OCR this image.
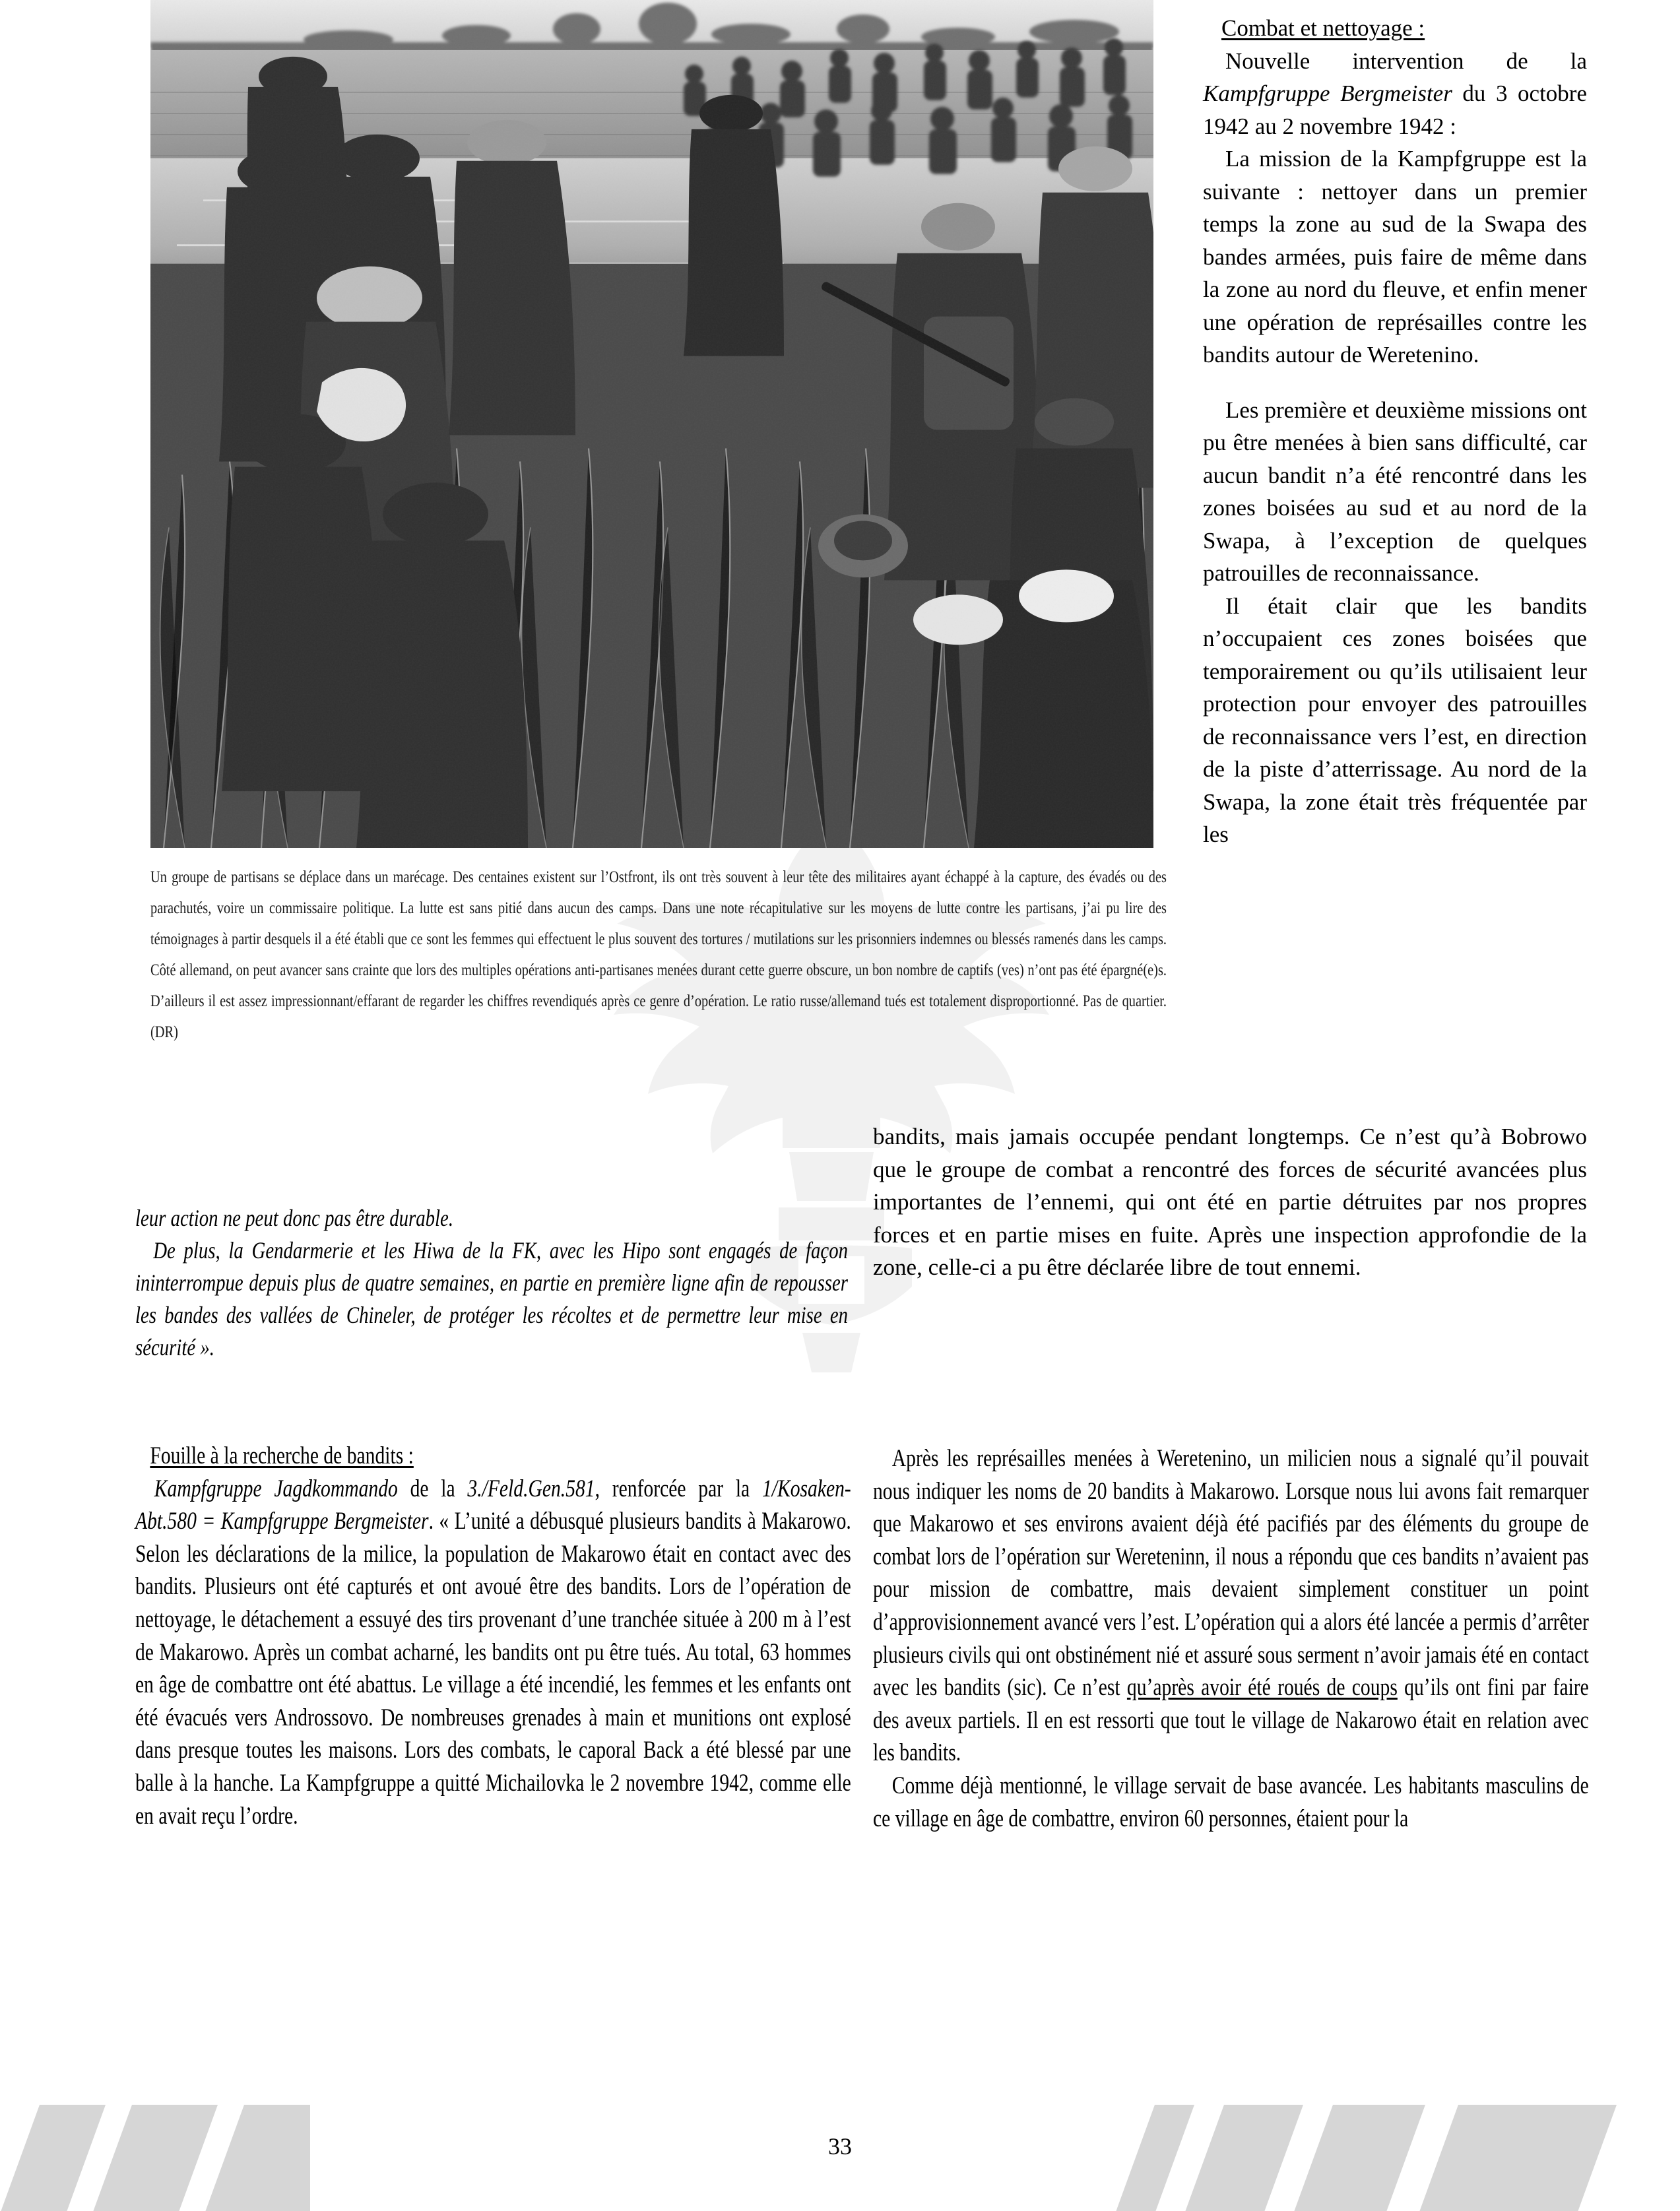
Un groupe de partisans se déplace dans un marécage. Des centaines existent sur l’Ostfront, ils ont très souvent à leur tête des militaires ayant échappé à la capture, des évadés ou des parachutés, voire un commissaire politique. La lutte est sans pitié dans aucun des camps. Dans une note récapitulative sur les moyens de lutte contre les partisans, j’ai pu lire des témoignages à partir desquels il a été établi que ce sont les femmes qui effectuent le plus souvent des tortures / mutilations sur les prisonniers indemnes ou blessés ramenés dans les camps. Côté allemand, on peut avancer sans crainte que lors des multiples opérations anti-partisanes menées durant cette guerre obscure, un bon nombre de captifs (ves) n’ont pas été épargné(e)s. D’ailleurs il est assez impressionnant/effarant de regarder les chiffres revendiqués après ce genre d’opération. Le ratio russe/allemand tués est totalement disproportionné. Pas de quartier. (DR)

Combat et nettoyage :

Nouvelle intervention de la Kampfgruppe Bergmeister du 3 octobre 1942 au 2 novembre 1942 :

La mission de la Kampfgruppe est la suivante : nettoyer dans un premier temps la zone au sud de la Swapa des bandes armées, puis faire de même dans la zone au nord du fleuve, et enfin mener une opération de représailles contre les bandits autour de Weretenino.

Les première et deuxième missions ont pu être menées à bien sans difficulté, car aucun bandit n’a été rencontré dans les zones boisées au sud et au nord de la Swapa, à l’exception de quelques patrouilles de reconnaissance.

Il était clair que les bandits n’occupaient ces zones boisées que temporairement ou qu’ils utilisaient leur protection pour envoyer des patrouilles de reconnaissance vers l’est, en direction de la piste d’atterrissage. Au nord de la Swapa, la zone était très fréquentée par les

bandits, mais jamais occupée pendant longtemps. Ce n’est qu’à Bobrowo que le groupe de combat a rencontré des forces de sécurité avancées plus importantes de l’ennemi, qui ont été en partie détruites par nos propres forces et en partie mises en fuite. Après une inspection approfondie de la zone, celle-ci a pu être déclarée libre de tout ennemi.

leur action ne peut donc pas être durable.

De plus, la Gendarmerie et les Hiwa de la FK, avec les Hipo sont engagés de façon ininterrompue depuis plus de quatre semaines, en partie en première ligne afin de repousser les bandes des vallées de Chineler, de protéger les récoltes et de permettre leur mise en sécurité ».

Fouille à la recherche de bandits :

Kampfgruppe Jagdkommando de la 3./Feld.Gen.581, renforcée par la 1/Kosaken-Abt.580 = Kampfgruppe Bergmeister. « L’unité a débusqué plusieurs bandits à Makarowo. Selon les déclarations de la milice, la population de Makarowo était en contact avec des bandits. Plusieurs ont été capturés et ont avoué être des bandits. Lors de l’opération de nettoyage, le détachement a essuyé des tirs provenant d’une tranchée située à 200 m à l’est de Makarowo. Après un combat acharné, les bandits ont pu être tués. Au total, 63 hommes en âge de combattre ont été abattus. Le village a été incendié, les femmes et les enfants ont été évacués vers Androssovo. De nombreuses grenades à main et munitions ont explosé dans presque toutes les maisons. Lors des combats, le caporal Back a été blessé par une balle à la hanche. La Kampfgruppe a quitté Michailovka le 2 novembre 1942, comme elle en avait reçu l’ordre.

Après les représailles menées à Weretenino, un milicien nous a signalé qu’il pouvait nous indiquer les noms de 20 bandits à Makarowo. Lorsque nous lui avons fait remarquer que Makarowo et ses environs avaient déjà été pacifiés par des éléments du groupe de combat lors de l’opération sur Wereteninn, il nous a répondu que ces bandits n’avaient pas pour mission de combattre, mais devaient simplement constituer un point d’approvisionnement avancé vers l’est. L’opération qui a alors été lancée a permis d’arrêter plusieurs civils qui ont obstinément nié et assuré sous serment n’avoir jamais été en contact avec les bandits (sic). Ce n’est qu’après avoir été roués de coups qu’ils ont fini par faire des aveux partiels. Il en est ressorti que tout le village de Nakarowo était en relation avec les bandits.

Comme déjà mentionné, le village servait de base avancée. Les habitants masculins de ce village en âge de combattre, environ 60 personnes, étaient pour la

33
